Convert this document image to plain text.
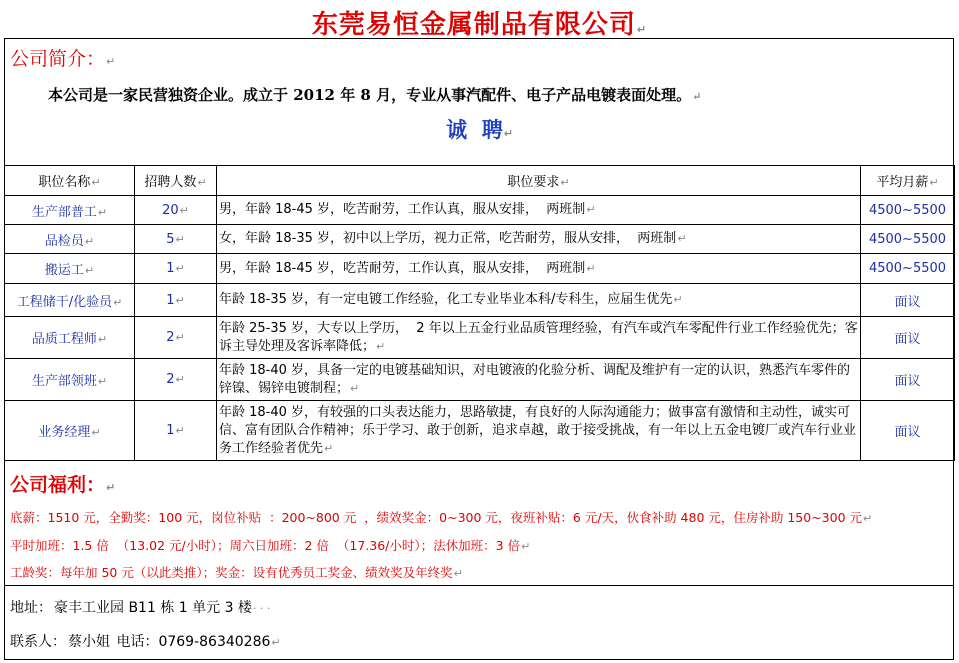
东莞易恒金属制品有限公司↵
公司简介：↵
本公司是一家民营独资企业。成立于 2012 年 8 月，专业从事汽配件、电子产品电镀表面处理。↵
诚  聘↵
职位名称↵	招聘人数↵	职位要求↵	平均月薪↵
生产部普工↵	20↵	男，年龄 18-45 岁，吃苦耐劳，工作认真，服从安排，  两班制↵	4500~5500
品检员↵	5↵	女，年龄 18-35 岁，初中以上学历，视力正常，吃苦耐劳，服从安排，  两班制↵	4500~5500
搬运工↵	1↵	男，年龄 18-45 岁，吃苦耐劳，工作认真，服从安排，  两班制↵	4500~5500
工程储干/化验员↵	1↵	年龄 18-35 岁，有一定电镀工作经验，化工专业毕业本科/专科生，应届生优先↵	面议
品质工程师↵	2↵	年龄 25-35 岁，大专以上学历，  2 年以上五金行业品质管理经验，有汽车或汽车零配件行业工作经验优先；客诉主导处理及客诉率降低；↵	面议
生产部领班↵	2↵	年龄 18-40 岁，具备一定的电镀基础知识，对电镀液的化验分析、调配及维护有一定的认识，熟悉汽车零件的锌镍、锡锌电镀制程；↵	面议
业务经理↵	1↵	年龄 18-40 岁，有较强的口头表达能力，思路敏捷，有良好的人际沟通能力；做事富有激情和主动性，诚实可信、富有团队合作精神；乐于学习、敢于创新，追求卓越，敢于接受挑战，有一年以上五金电镀厂或汽车行业业务工作经验者优先↵	面议
公司福利：↵
底薪：1510 元，全勤奖：100 元，岗位补贴  ：200~800 元  ，绩效奖金：0~300 元，夜班补贴：6 元/天，伙食补助 480 元，住房补助 150~300 元↵
平时加班：1.5 倍  （13.02 元/小时）；周六日加班：2 倍  （17.36/小时）；法休加班：3 倍↵
工龄奖：每年加 50 元（以此类推）；奖金：设有优秀员工奖金、绩效奖及年终奖↵
地址： 豪丰工业园 B11 栋 1 单元 3 楼· · ·
联系人： 蔡小姐 电话：0769-86340286↵
